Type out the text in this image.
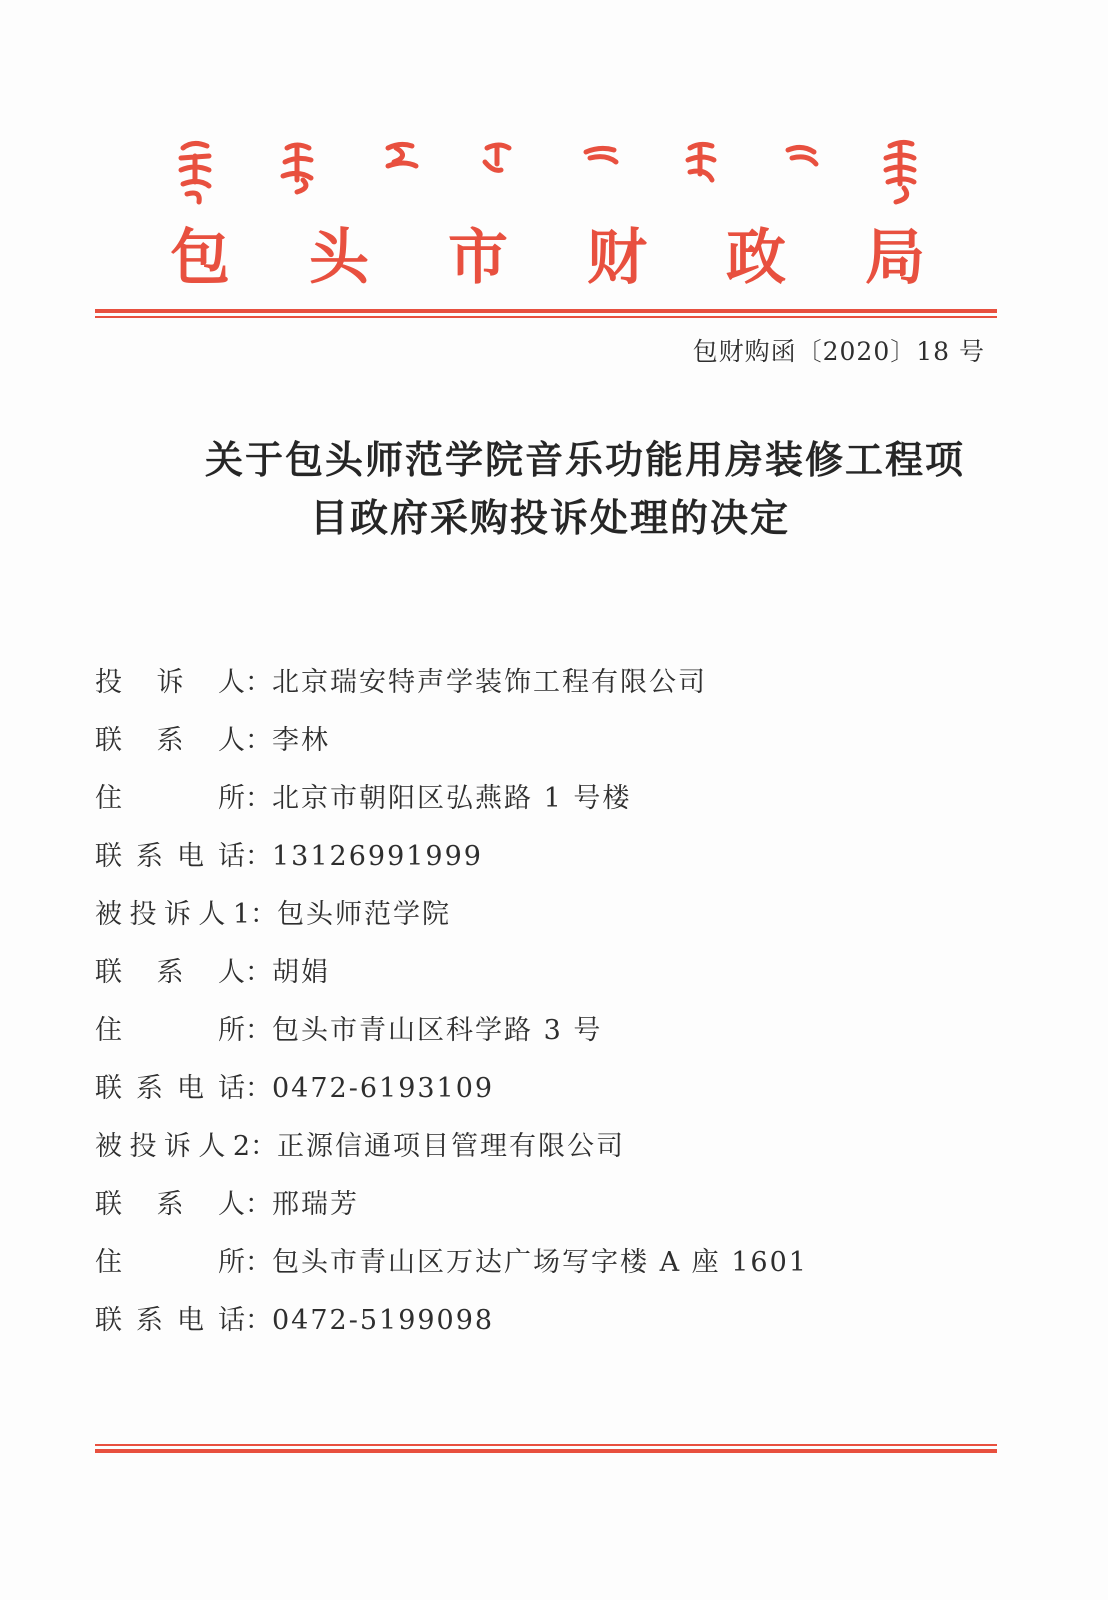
包 头 市 财 政 局
包财购函〔2020〕18 号
关于包头师范学院音乐功能用房装修工程项
目政府采购投诉处理的决定
投 诉 人 ： 北京瑞安特声学装饰工程有限公司
联 系 人 ： 李林
住	所 ： 北京市朝阳区弘燕路 1 号楼
联 系 电 话 ： 13126991999
被 投 诉 人 1 ： 包头师范学院
联 系 人 ： 胡娟
住	所 ： 包头市青山区科学路 3 号
联 系 电 话 ： 0472-6193109
被 投 诉 人 2 ： 正源信通项目管理有限公司
联 系 人 ： 邢瑞芳
住	所 ： 包头市青山区万达广场写字楼 A 座 1601
联 系 电 话 ： 0472-5199098
